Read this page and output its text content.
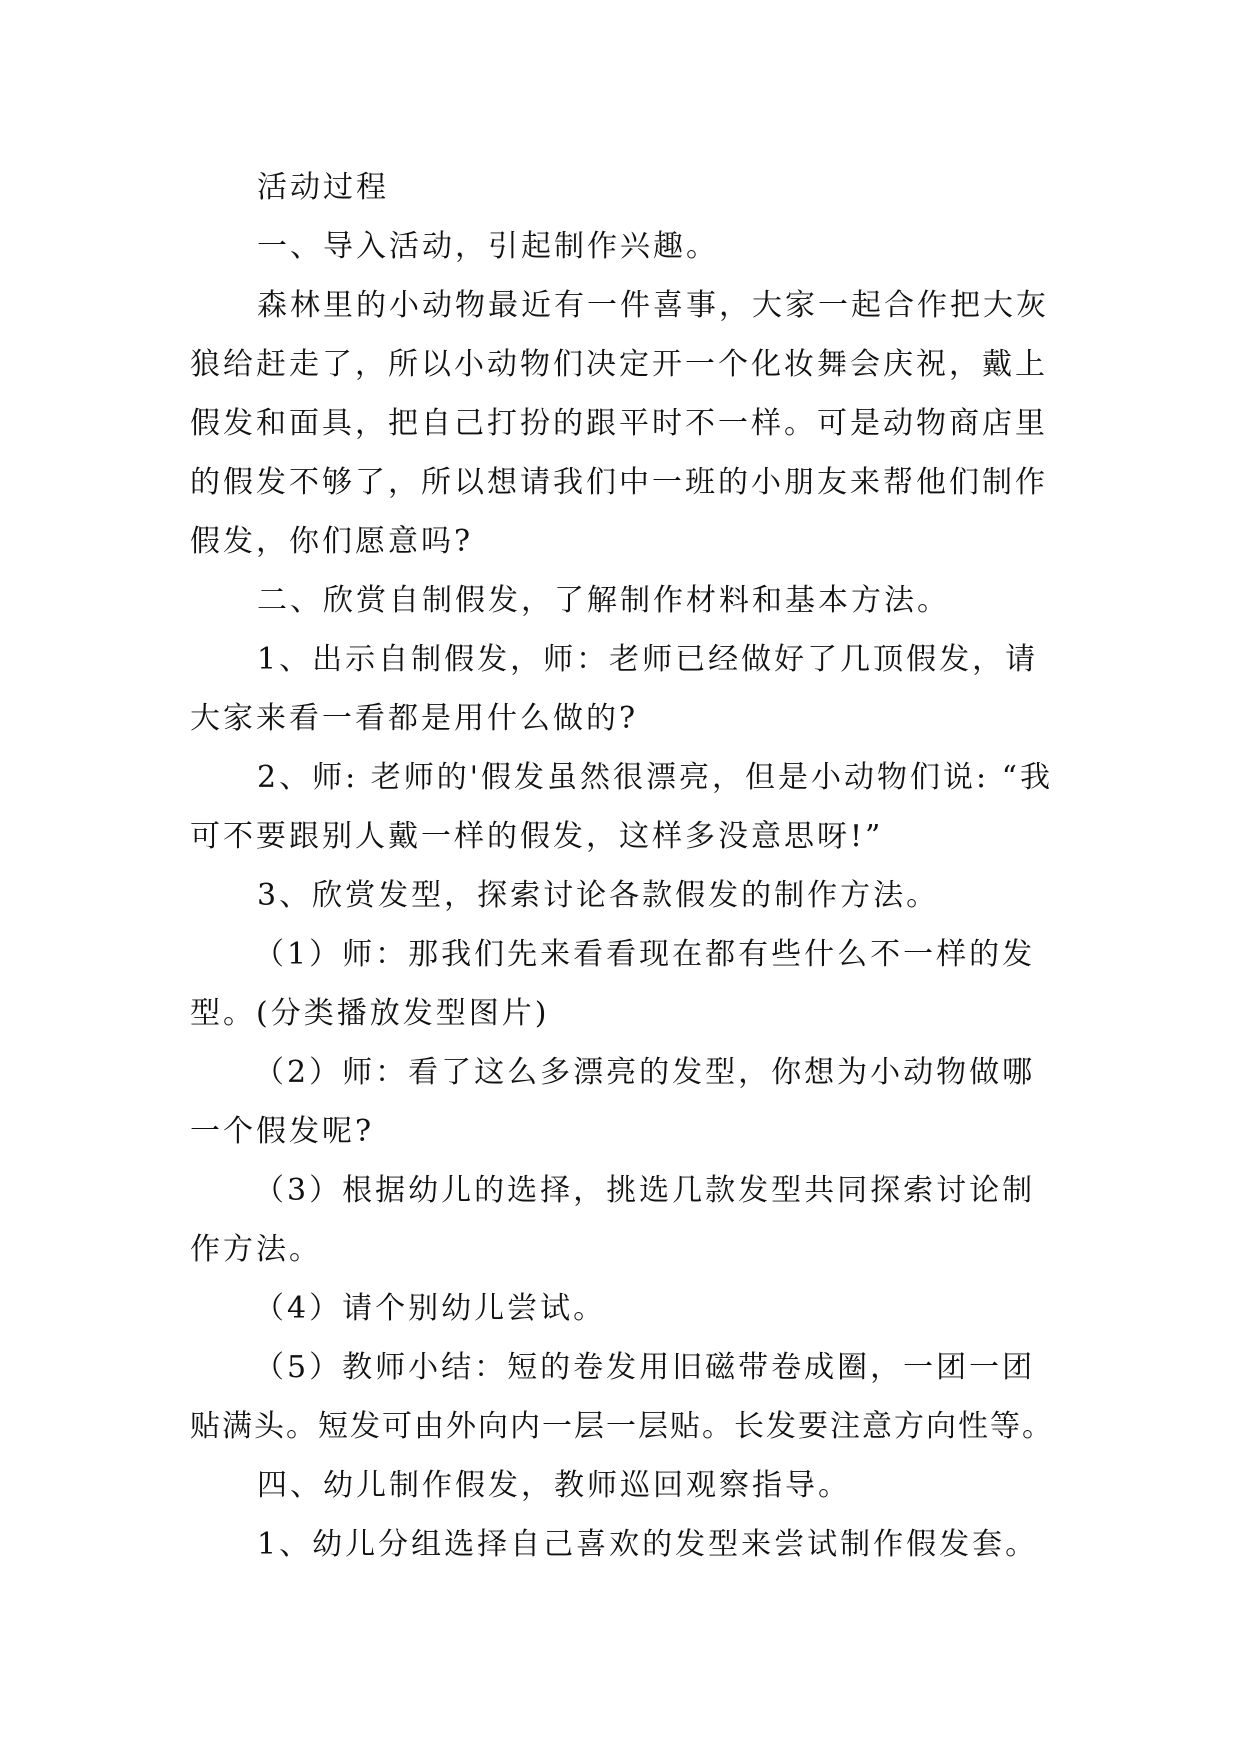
活动过程

一、导入活动，引起制作兴趣。

森林里的小动物最近有一件喜事，大家一起合作把大灰
狼给赶走了，所以小动物们决定开一个化妆舞会庆祝，戴上
假发和面具，把自己打扮的跟平时不一样。可是动物商店里
的假发不够了，所以想请我们中一班的小朋友来帮他们制作
假发，你们愿意吗?

二、欣赏自制假发，了解制作材料和基本方法。

1、出示自制假发，师：老师已经做好了几顶假发，请
大家来看一看都是用什么做的?

2、师: 老师的'假发虽然很漂亮，但是小动物们说: “我
可不要跟别人戴一样的假发，这样多没意思呀!”

3、欣赏发型，探索讨论各款假发的制作方法。

（1）师：那我们先来看看现在都有些什么不一样的发
型。(分类播放发型图片)

（2）师：看了这么多漂亮的发型，你想为小动物做哪
一个假发呢?

（3）根据幼儿的选择，挑选几款发型共同探索讨论制
作方法。

（4）请个别幼儿尝试。

（5）教师小结：短的卷发用旧磁带卷成圈，一团一团
贴满头。短发可由外向内一层一层贴。长发要注意方向性等。

四、幼儿制作假发，教师巡回观察指导。

1、幼儿分组选择自己喜欢的发型来尝试制作假发套。
